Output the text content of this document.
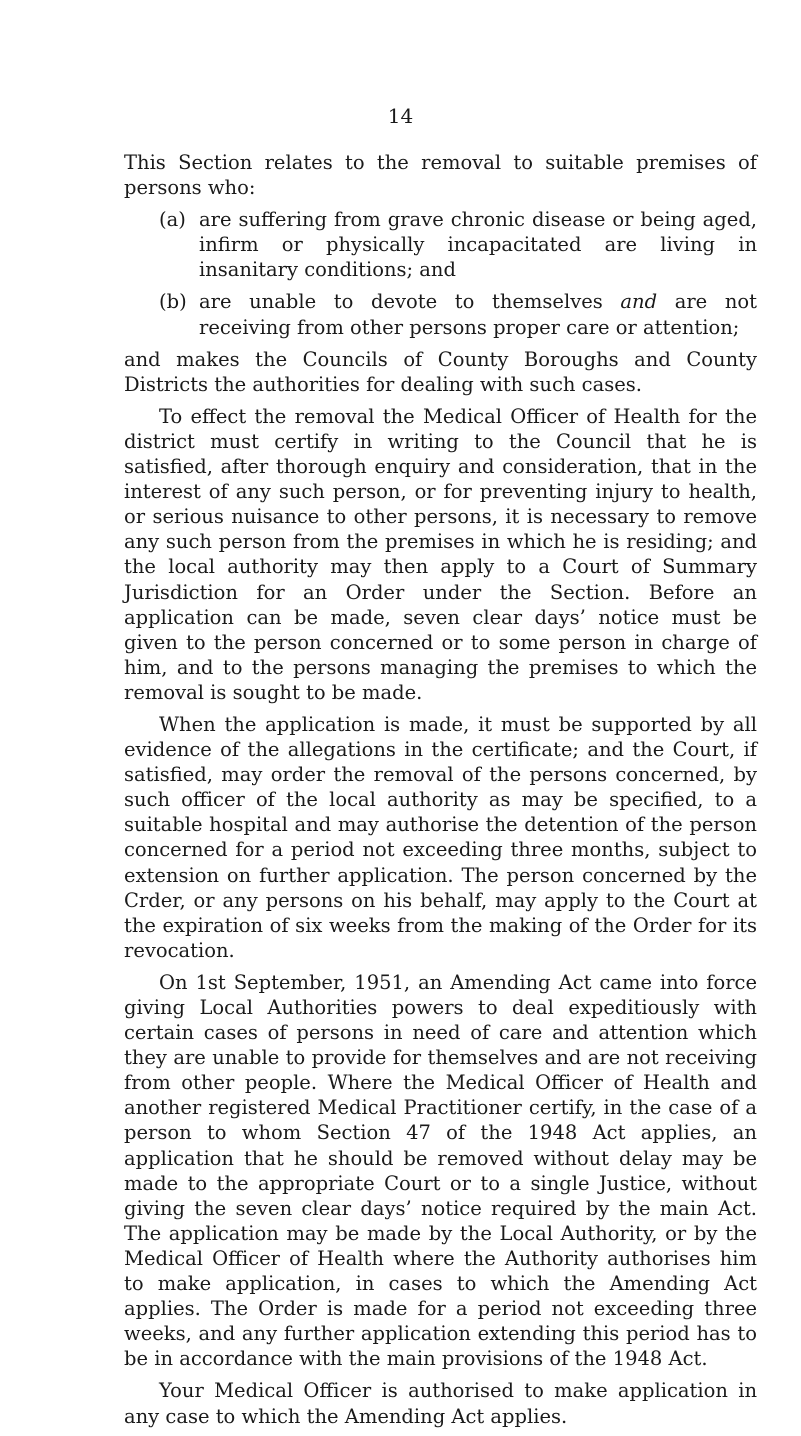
14

This Section relates to the removal to suitable premises of persons who:

(a) are suffering from grave chronic disease or being aged, infirm or physically incapacitated are living in insanitary conditions; and
(b) are unable to devote to themselves and are not receiving from other persons proper care or attention;

and makes the Councils of County Boroughs and County Districts the authorities for dealing with such cases.

To effect the removal the Medical Officer of Health for the district must certify in writing to the Council that he is satisfied, after thorough enquiry and consideration, that in the interest of any such person, or for preventing injury to health, or serious nuisance to other persons, it is necessary to remove any such person from the premises in which he is residing; and the local authority may then apply to a Court of Summary Jurisdiction for an Order under the Section. Before an application can be made, seven clear days’ notice must be given to the person concerned or to some person in charge of him, and to the persons managing the premises to which the removal is sought to be made.

When the application is made, it must be supported by all evidence of the allegations in the certificate; and the Court, if satisfied, may order the removal of the persons concerned, by such officer of the local authority as may be specified, to a suitable hospital and may authorise the detention of the person concerned for a period not exceeding three months, subject to extension on further application. The person concerned by the Crder, or any persons on his behalf, may apply to the Court at the expiration of six weeks from the making of the Order for its revocation.

On 1st September, 1951, an Amending Act came into force giving Local Authorities powers to deal expeditiously with certain cases of persons in need of care and attention which they are unable to provide for themselves and are not receiving from other people. Where the Medical Officer of Health and another registered Medical Practitioner certify, in the case of a person to whom Section 47 of the 1948 Act applies, an application that he should be removed without delay may be made to the appropriate Court or to a single Justice, without giving the seven clear days’ notice required by the main Act. The application may be made by the Local Authority, or by the Medical Officer of Health where the Authority authorises him to make application, in cases to which the Amending Act applies. The Order is made for a period not exceeding three weeks, and any further application extending this period has to be in accordance with the main provisions of the 1948 Act.

Your Medical Officer is authorised to make application in any case to which the Amending Act applies.
